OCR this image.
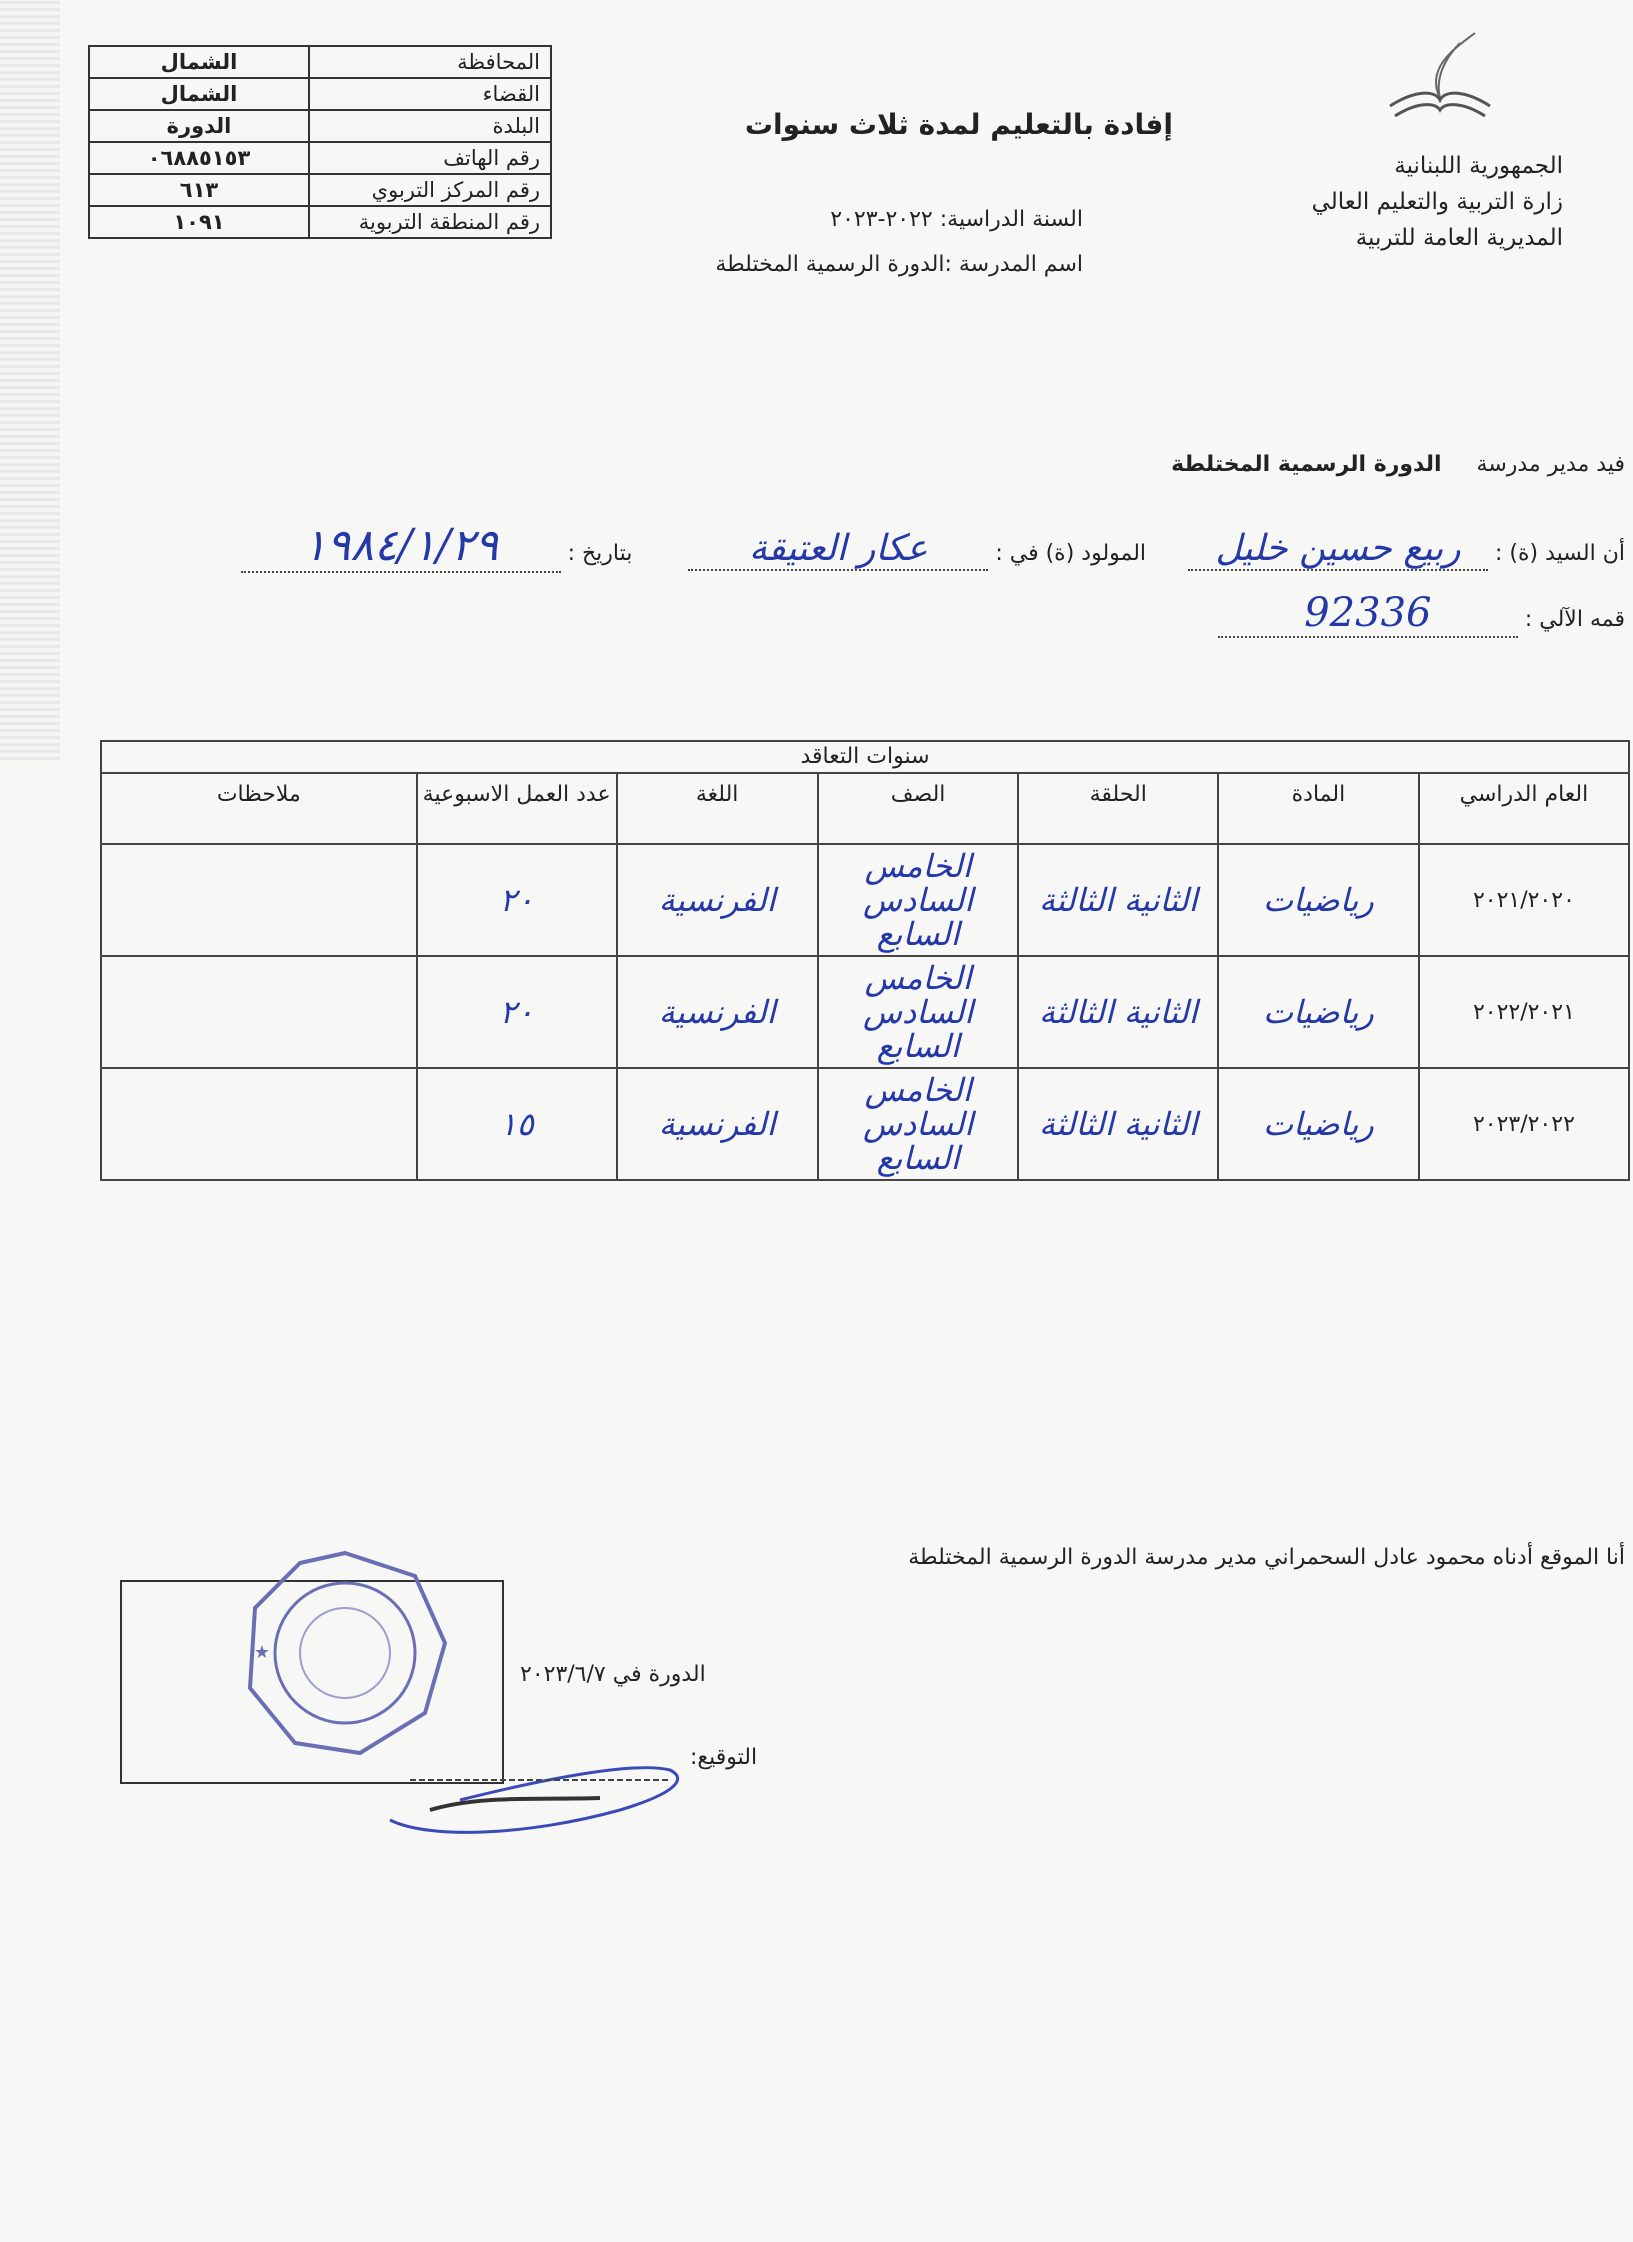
المحافظة	الشمال
القضاء	الشمال
البلدة	الدورة
رقم الهاتف	٠٦٨٨٥١٥٣
رقم المركز التربوي	٦١٣
رقم المنطقة التربوية	١٠٩١
الجمهورية اللبنانية
زارة التربية والتعليم العالي
المديرية العامة للتربية
إفادة بالتعليم لمدة ثلاث سنوات
السنة الدراسية: ٢٠٢٢-٢٠٢٣
اسم المدرسة :الدورة الرسمية المختلطة
فيد مدير مدرسة     الدورة الرسمية المختلطة
أن السيد (ة) : ربيع حسين خليل      المولود (ة) في : عكار العتيقة        بتاريخ : ١٩٨٤/١/٢٩
قمه الآلي : 92336
سنوات التعاقد						
العام الدراسي	المادة	الحلقة	الصف	اللغة	عدد العمل الاسبوعية	ملاحظات
٢٠٢١/٢٠٢٠	رياضيات	الثانية الثالثة	الخامس السادس السابع	الفرنسية	٢٠	
٢٠٢٢/٢٠٢١	رياضيات	الثانية الثالثة	الخامس السادس السابع	الفرنسية	٢٠	
٢٠٢٣/٢٠٢٢	رياضيات	الثانية الثالثة	الخامس السادس السابع	الفرنسية	١٥	
أنا الموقع أدناه محمود عادل السحمراني مدير مدرسة الدورة الرسمية المختلطة
★
الدورة في ٢٠٢٣/٦/٧
التوقيع:
